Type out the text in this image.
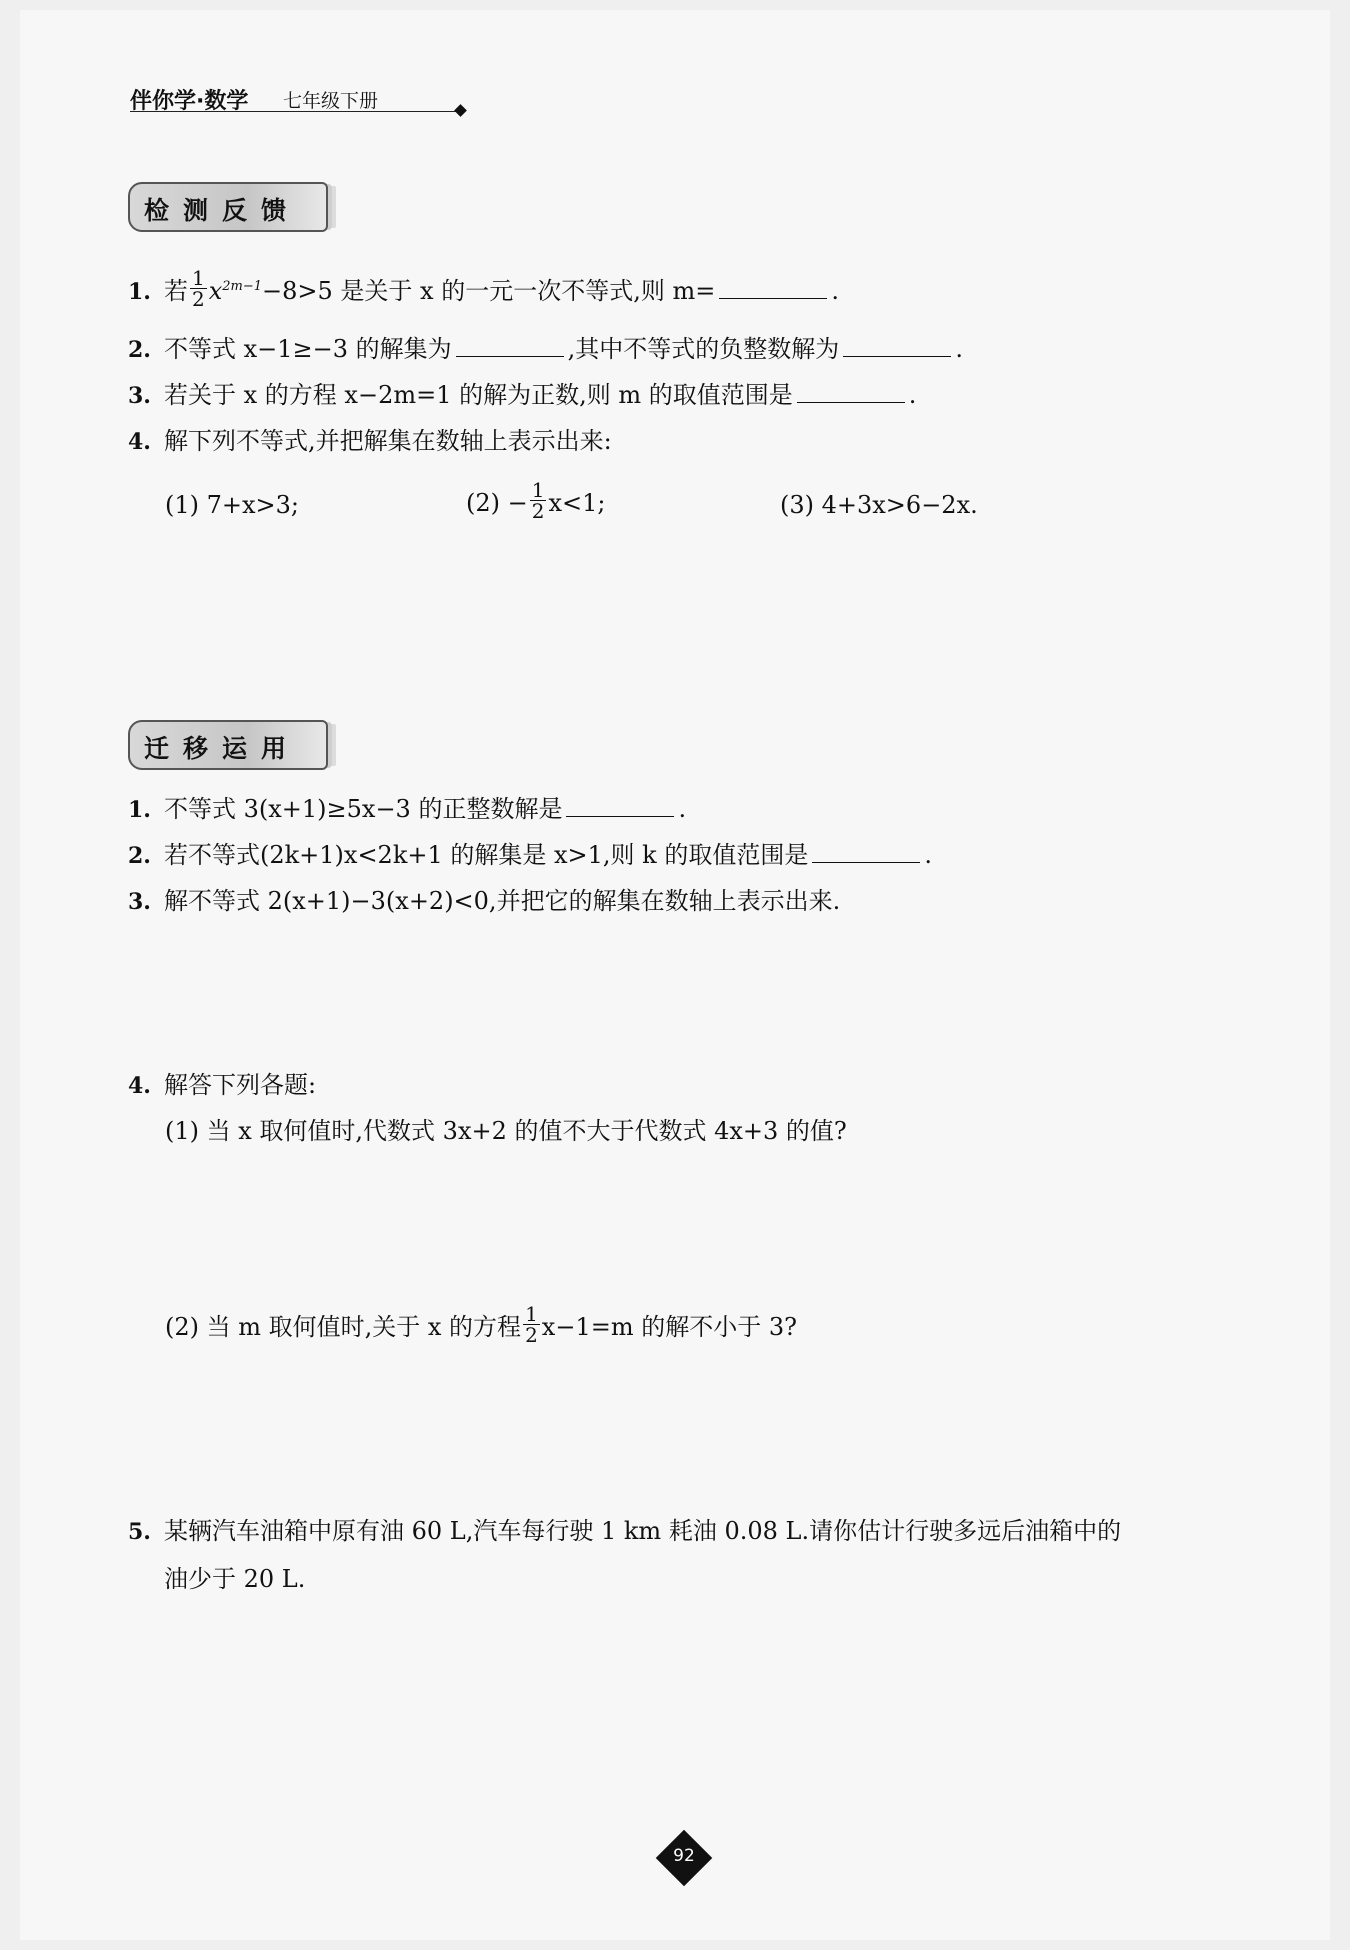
伴你学·数学 七年级下册
检测反馈
1. 若 $\frac{1}{2} x^{2m-1}-8>5$ 是关于 x 的一元一次不等式,则 m=	.
2. 不等式 x−1≥−3 的解集为	,其中不等式的负整数解为	.
3. 若关于 x 的方程 x−2m=1 的解为正数,则 m 的取值范围是	.
4. 解下列不等式,并把解集在数轴上表示出来:
(1) 7+x>3;	$(2) - \frac{1}{2} x<1$;	(3) 4+3x>6−2x.
迁移运用
1. 不等式 3(x+1)≥5x−3 的正整数解是	.
2. 若不等式(2k+1)x<2k+1 的解集是 x>1,则 k 的取值范围是	.
3. 解不等式 2(x+1)−3(x+2)<0,并把它的解集在数轴上表示出来.
4. 解答下列各题:
(1) 当 x 取何值时,代数式 3x+2 的值不大于代数式 4x+3 的值?
(2) 当 m 取何值时,关于 x 的方程 $\frac{1}{2} x-1=m$ 的解不小于 3?
5. 某辆汽车油箱中原有油 60 L,汽车每行驶 1 km 耗油 0.08 L.请你估计行驶多远后油箱中的
油少于 20 L.
92
